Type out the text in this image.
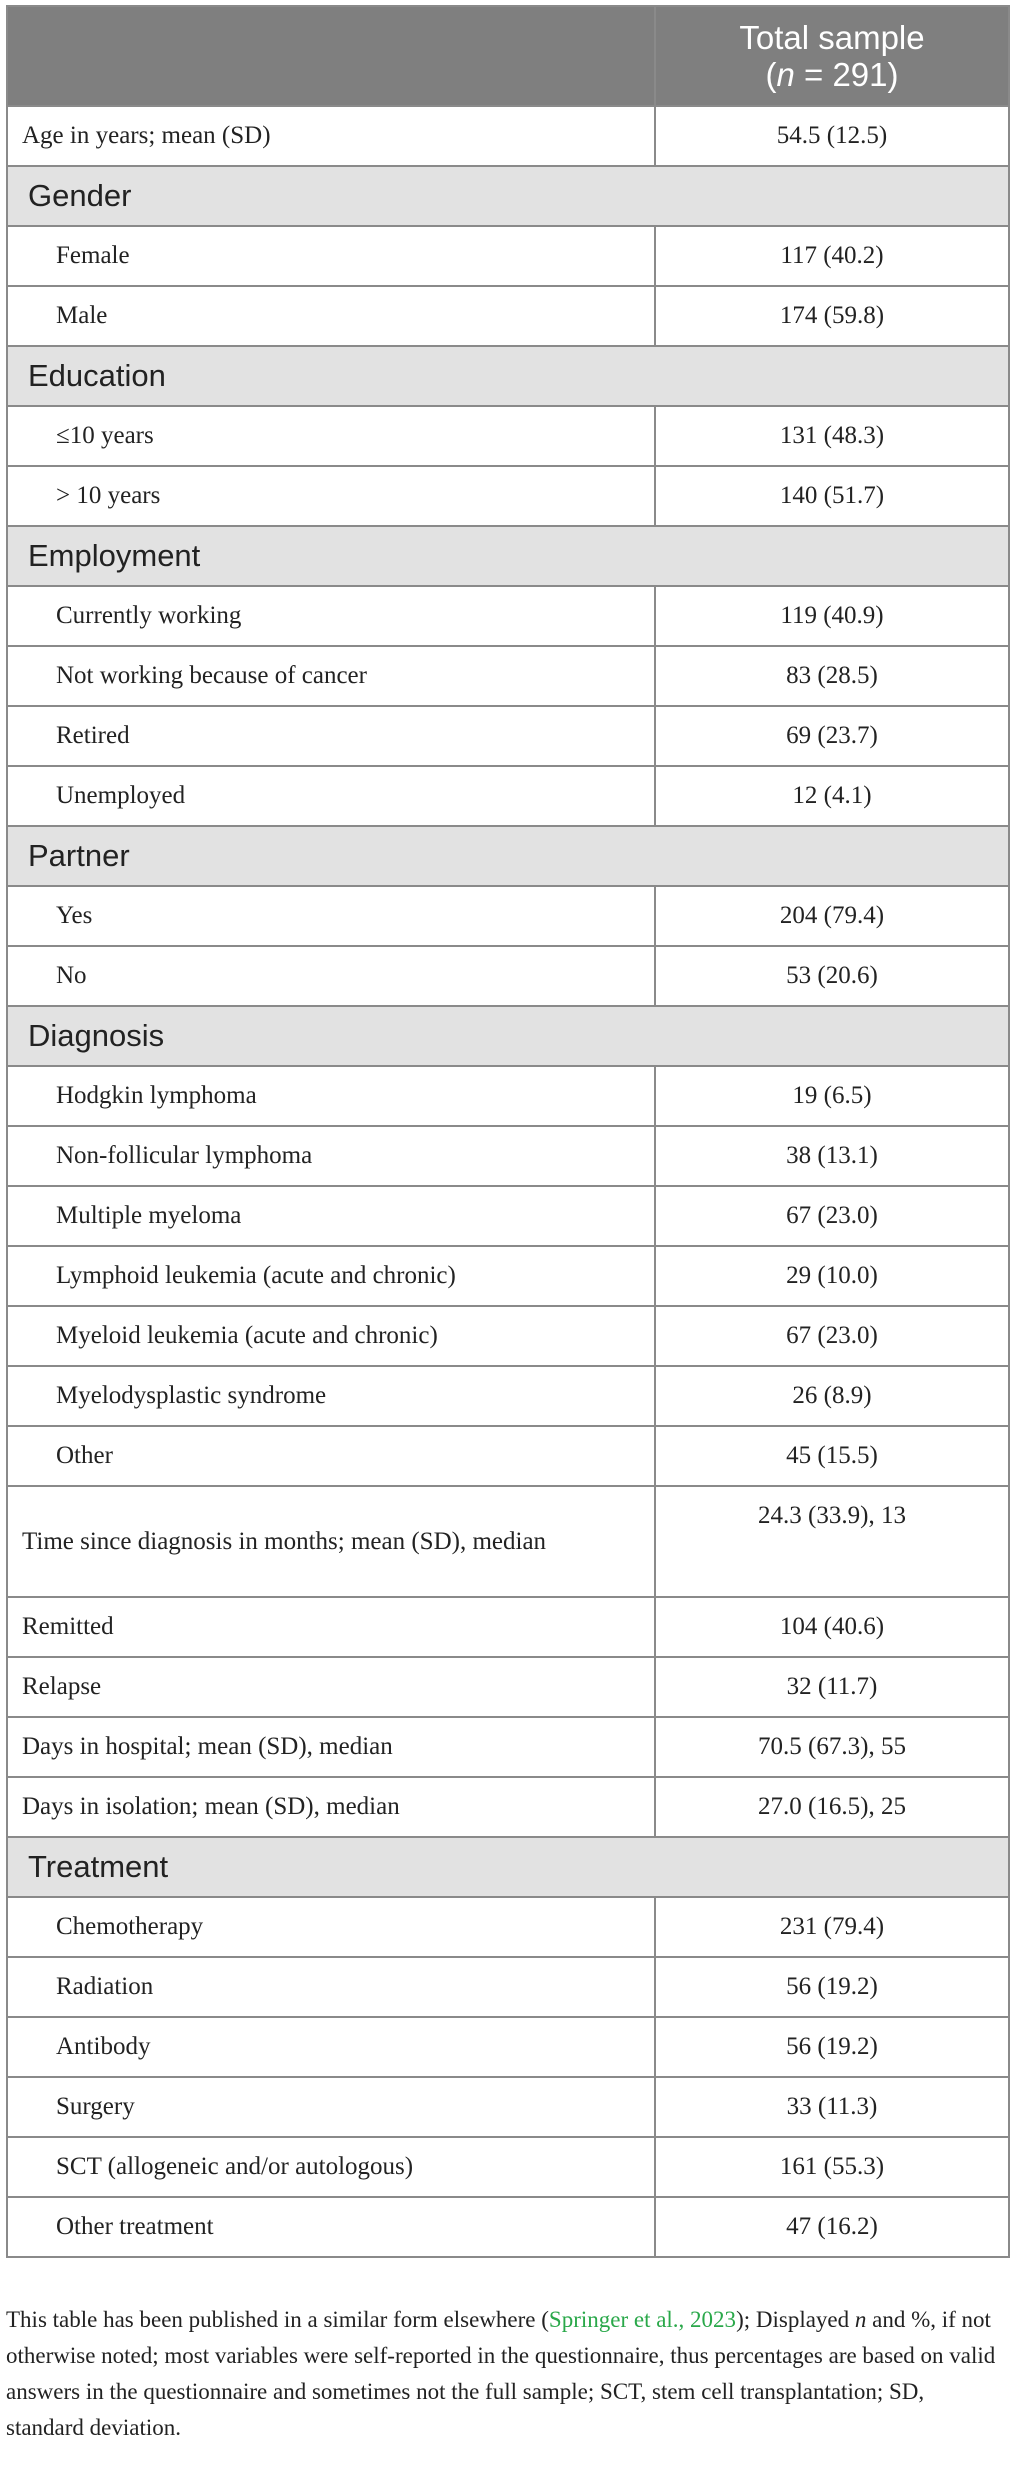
	Total sample
(n = 291)

Age in years; mean (SD)	54.5 (12.5)
Gender	
Female	117 (40.2)
Male	174 (59.8)
Education	
≤10 years	131 (48.3)
> 10 years	140 (51.7)
Employment	
Currently working	119 (40.9)
Not working because of cancer	83 (28.5)
Retired	69 (23.7)
Unemployed	12 (4.1)
Partner	
Yes	204 (79.4)
No	53 (20.6)
Diagnosis	
Hodgkin lymphoma	19 (6.5)
Non-follicular lymphoma	38 (13.1)
Multiple myeloma	67 (23.0)
Lymphoid leukemia (acute and chronic)	29 (10.0)
Myeloid leukemia (acute and chronic)	67 (23.0)
Myelodysplastic syndrome	26 (8.9)
Other	45 (15.5)
Time since diagnosis in months; mean (SD), median	24.3 (33.9), 13
Remitted	104 (40.6)
Relapse	32 (11.7)
Days in hospital; mean (SD), median	70.5 (67.3), 55
Days in isolation; mean (SD), median	27.0 (16.5), 25
Treatment	
Chemotherapy	231 (79.4)
Radiation	56 (19.2)
Antibody	56 (19.2)
Surgery	33 (11.3)
SCT (allogeneic and/or autologous)	161 (55.3)
Other treatment	47 (16.2)
This table has been published in a similar form elsewhere (Springer et al., 2023); Displayed n and %, if not otherwise noted; most variables were self-reported in the questionnaire, thus percentages are based on valid answers in the questionnaire and sometimes not the full sample; SCT, stem cell transplantation; SD, standard deviation.
